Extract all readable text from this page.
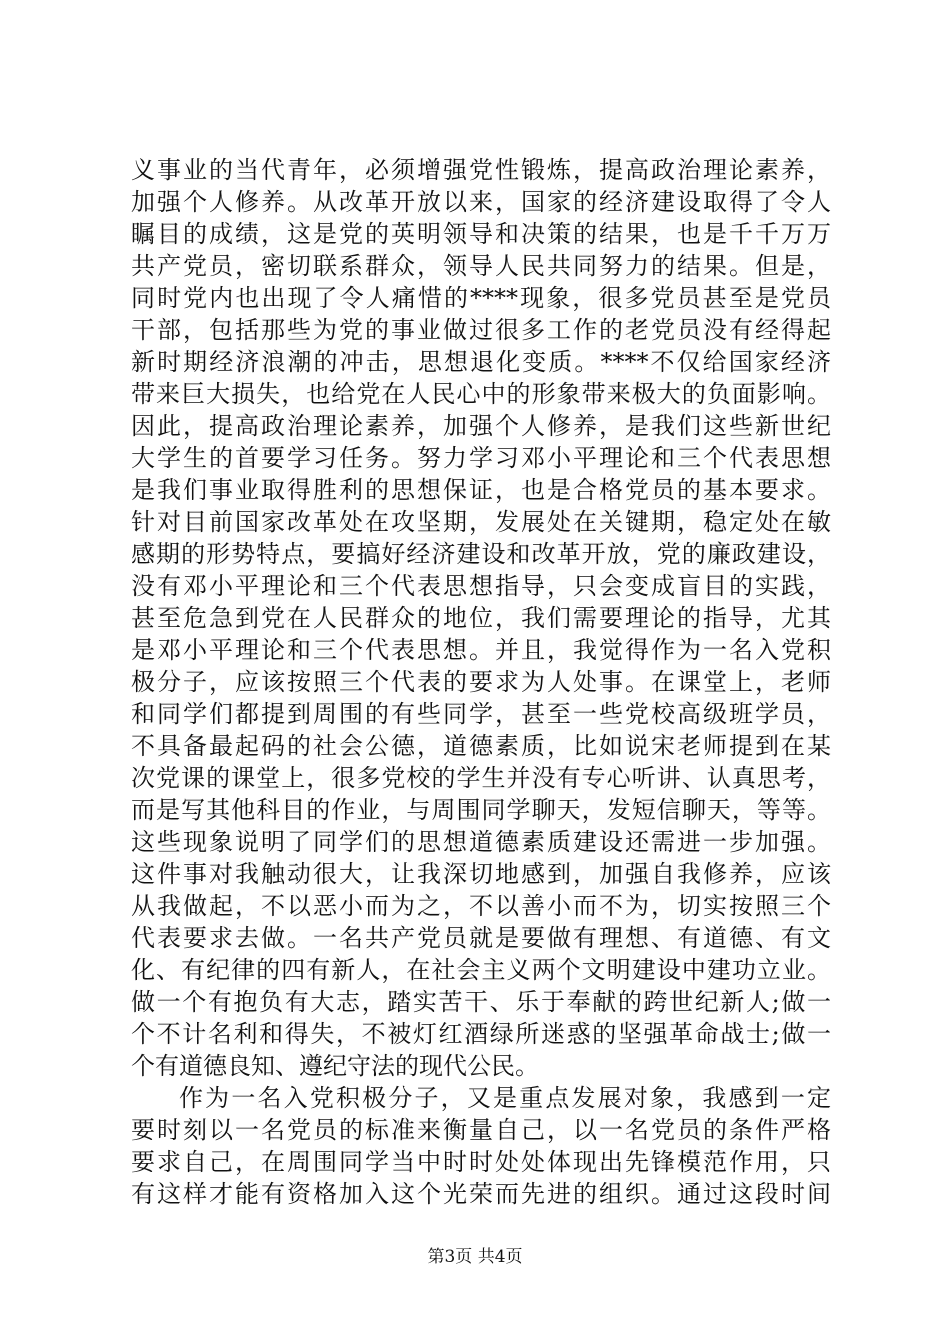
义事业的当代青年，必须增强党性锻炼，提高政治理论素养，
加强个人修养。从改革开放以来，国家的经济建设取得了令人
瞩目的成绩，这是党的英明领导和决策的结果，也是千千万万
共产党员，密切联系群众，领导人民共同努力的结果。但是，
同时党内也出现了令人痛惜的****现象，很多党员甚至是党员
干部，包括那些为党的事业做过很多工作的老党员没有经得起
新时期经济浪潮的冲击，思想退化变质。****不仅给国家经济
带来巨大损失，也给党在人民心中的形象带来极大的负面影响。
因此，提高政治理论素养，加强个人修养，是我们这些新世纪
大学生的首要学习任务。努力学习邓小平理论和三个代表思想
是我们事业取得胜利的思想保证，也是合格党员的基本要求。
针对目前国家改革处在攻坚期，发展处在关键期，稳定处在敏
感期的形势特点，要搞好经济建设和改革开放，党的廉政建设，
没有邓小平理论和三个代表思想指导，只会变成盲目的实践，
甚至危急到党在人民群众的地位，我们需要理论的指导，尤其
是邓小平理论和三个代表思想。并且，我觉得作为一名入党积
极分子，应该按照三个代表的要求为人处事。在课堂上，老师
和同学们都提到周围的有些同学，甚至一些党校高级班学员，
不具备最起码的社会公德，道德素质，比如说宋老师提到在某
次党课的课堂上，很多党校的学生并没有专心听讲、认真思考，
而是写其他科目的作业，与周围同学聊天，发短信聊天，等等。
这些现象说明了同学们的思想道德素质建设还需进一步加强。
这件事对我触动很大，让我深切地感到，加强自我修养，应该
从我做起，不以恶小而为之，不以善小而不为，切实按照三个
代表要求去做。一名共产党员就是要做有理想、有道德、有文
化、有纪律的四有新人，在社会主义两个文明建设中建功立业。
做一个有抱负有大志，踏实苦干、乐于奉献的跨世纪新人;做一
个不计名利和得失，不被灯红酒绿所迷惑的坚强革命战士;做一
个有道德良知、遵纪守法的现代公民。
作为一名入党积极分子，又是重点发展对象，我感到一定
要时刻以一名党员的标准来衡量自己，以一名党员的条件严格
要求自己，在周围同学当中时时处处体现出先锋模范作用，只
有这样才能有资格加入这个光荣而先进的组织。通过这段时间
第3页 共4页
